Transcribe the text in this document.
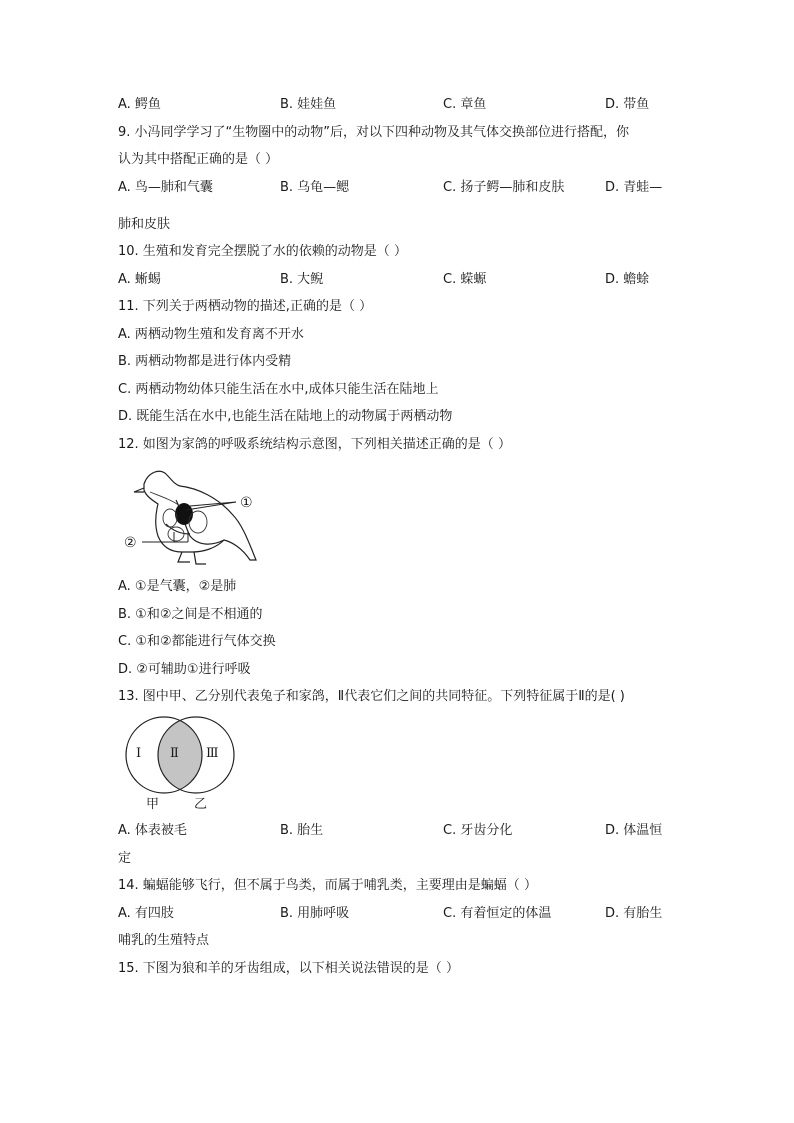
A. 鳄鱼	B. 娃娃鱼	C. 章鱼	D. 带鱼
9. 小冯同学学习了“生物圈中的动物”后，对以下四种动物及其气体交换部位进行搭配，你
认为其中搭配正确的是（ ）
A. 鸟—肺和气囊	B. 乌龟—鳃	C. 扬子鳄—肺和皮肤	D. 青蛙—
肺和皮肤
10. 生殖和发育完全摆脱了水的依赖的动物是（ ）
A. 蜥蜴	B. 大鲵	C. 蝾螈	D. 蟾蜍
11. 下列关于两栖动物的描述,正确的是（ ）
A. 两栖动物生殖和发育离不开水
B. 两栖动物都是进行体内受精
C. 两栖动物幼体只能生活在水中,成体只能生活在陆地上
D. 既能生活在水中,也能生活在陆地上的动物属于两栖动物
12. 如图为家鸽的呼吸系统结构示意图，下列相关描述正确的是（ ）
①
②
A. ①是气囊，②是肺
B. ①和②之间是不相通的
C. ①和②都能进行气体交换
D. ②可辅助①进行呼吸
13. 图中甲、乙分别代表兔子和家鸽，Ⅱ代表它们之间的共同特征。下列特征属于Ⅱ的是( )
Ⅰ Ⅱ Ⅲ
甲	乙
A. 体表被毛	B. 胎生	C. 牙齿分化	D. 体温恒
定
14. 蝙蝠能够飞行，但不属于鸟类，而属于哺乳类，主要理由是蝙蝠（ ）
A. 有四肢	B. 用肺呼吸	C. 有着恒定的体温	D. 有胎生
哺乳的生殖特点
15. 下图为狼和羊的牙齿组成，以下相关说法错误的是（ ）
